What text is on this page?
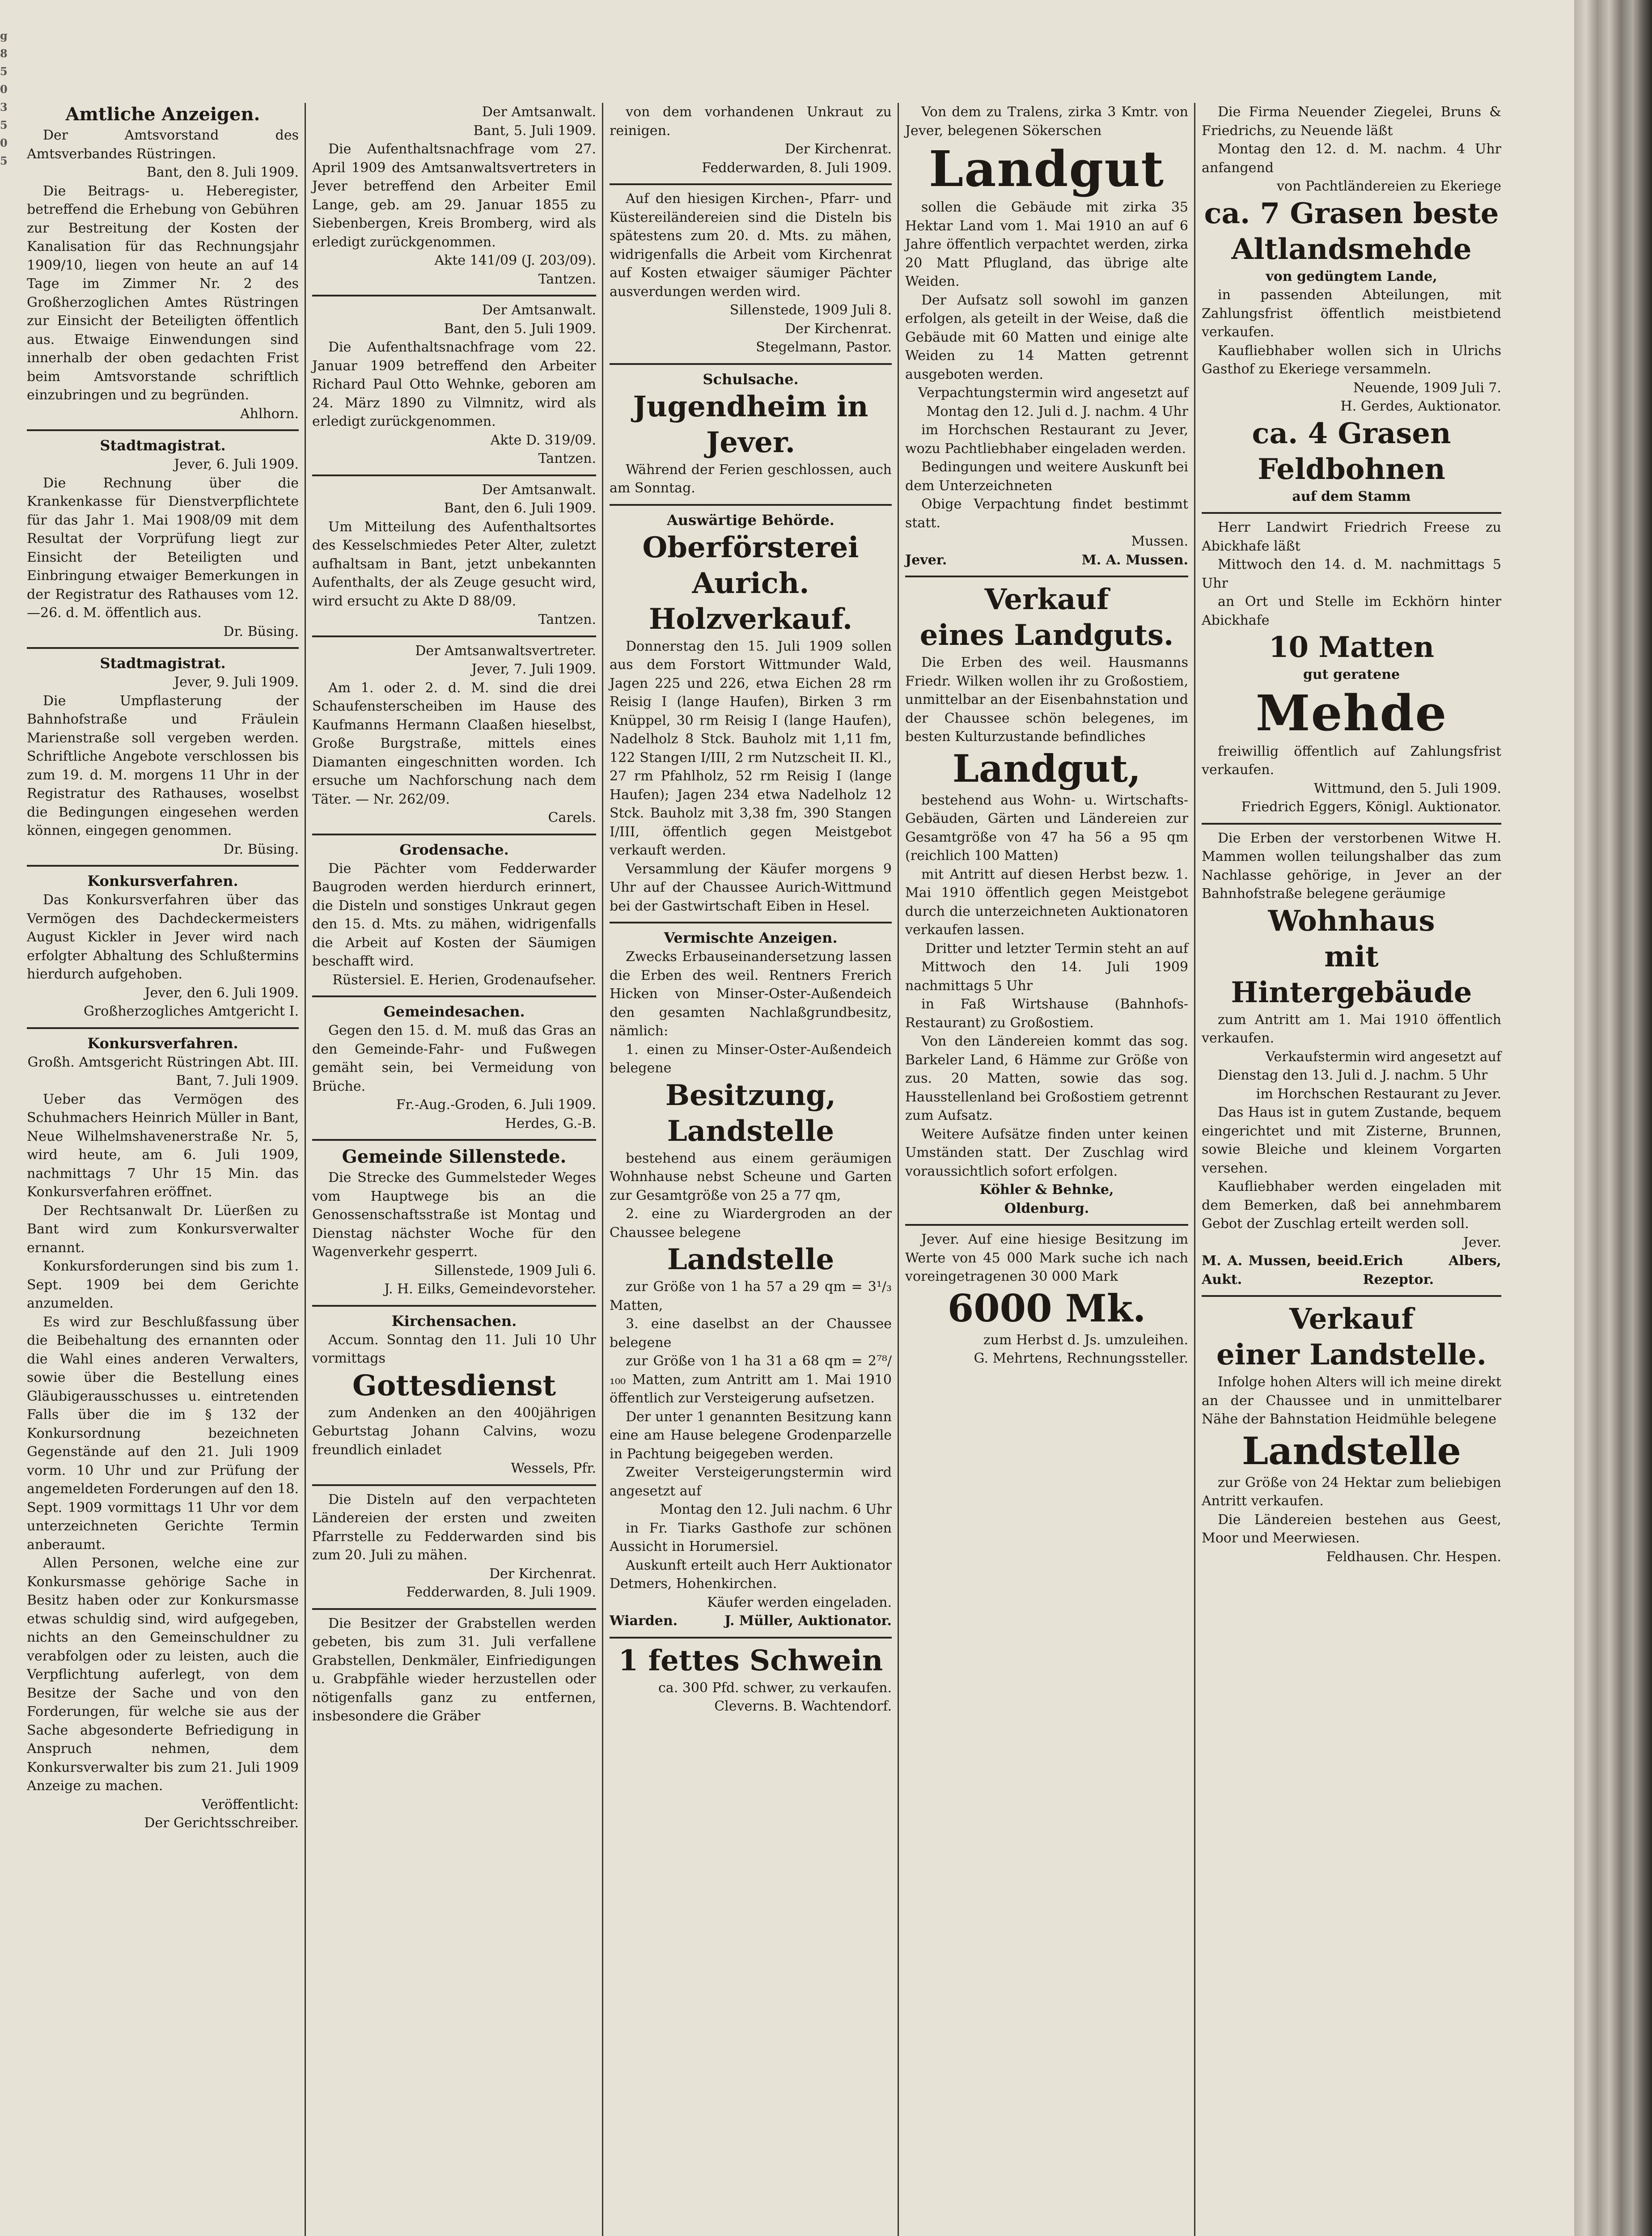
g
8
5
0
3
5
0
5
Amtliche Anzeigen.

Der Amtsvorstand des Amtsverbandes Rüstringen.

Bant, den 8. Juli 1909.

Die Beitrags- u. Heberegister, betreffend die Erhebung von Gebühren zur Bestreitung der Kosten der Kanalisation für das Rechnungsjahr 1909/10, liegen von heute an auf 14 Tage im Zimmer Nr. 2 des Großherzoglichen Amtes Rüstringen zur Einsicht der Beteiligten öffentlich aus. Etwaige Einwendungen sind innerhalb der oben gedachten Frist beim Amtsvorstande schriftlich einzubringen und zu begründen.

Ahlhorn.

Stadtmagistrat.

Jever, 6. Juli 1909.

Die Rechnung über die Krankenkasse für Dienstverpflichtete für das Jahr 1. Mai 1908/09 mit dem Resultat der Vorprüfung liegt zur Einsicht der Beteiligten und Einbringung etwaiger Bemerkungen in der Registratur des Rathauses vom 12.—26. d. M. öffentlich aus.

Dr. Büsing.

Stadtmagistrat.

Jever, 9. Juli 1909.

Die Umpflasterung der Bahnhofstraße und Fräulein Marienstraße soll vergeben werden. Schriftliche Angebote verschlossen bis zum 19. d. M. morgens 11 Uhr in der Registratur des Rathauses, woselbst die Bedingungen eingesehen werden können, eingegen genommen.

Dr. Büsing.

Konkursverfahren.

Das Konkursverfahren über das Vermögen des Dachdeckermeisters August Kickler in Jever wird nach erfolgter Abhaltung des Schlußtermins hierdurch aufgehoben.

Jever, den 6. Juli 1909.

Großherzogliches Amtgericht I.

Konkursverfahren.

Großh. Amtsgericht Rüstringen Abt. III.

Bant, 7. Juli 1909.

Ueber das Vermögen des Schuhmachers Heinrich Müller in Bant, Neue Wilhelmshavenerstraße Nr. 5, wird heute, am 6. Juli 1909, nachmittags 7 Uhr 15 Min. das Konkursverfahren eröffnet.

Der Rechtsanwalt Dr. Lüerßen zu Bant wird zum Konkursverwalter ernannt.

Konkursforderungen sind bis zum 1. Sept. 1909 bei dem Gerichte anzumelden.

Es wird zur Beschlußfassung über die Beibehaltung des ernannten oder die Wahl eines anderen Verwalters, sowie über die Bestellung eines Gläubigerausschusses u. eintretenden Falls über die im § 132 der Konkursordnung bezeichneten Gegenstände auf den 21. Juli 1909 vorm. 10 Uhr und zur Prüfung der angemeldeten Forderungen auf den 18. Sept. 1909 vormittags 11 Uhr vor dem unterzeichneten Gerichte Termin anberaumt.

Allen Personen, welche eine zur Konkursmasse gehörige Sache in Besitz haben oder zur Konkursmasse etwas schuldig sind, wird aufgegeben, nichts an den Gemeinschuldner zu verabfolgen oder zu leisten, auch die Verpflichtung auferlegt, von dem Besitze der Sache und von den Forderungen, für welche sie aus der Sache abgesonderte Befriedigung in Anspruch nehmen, dem Konkursverwalter bis zum 21. Juli 1909 Anzeige zu machen.

Veröffentlicht:

Der Gerichtsschreiber.

Der Amtsanwalt.

Bant, 5. Juli 1909.

Die Aufenthaltsnachfrage vom 27. April 1909 des Amtsanwaltsvertreters in Jever betreffend den Arbeiter Emil Lange, geb. am 29. Januar 1855 zu Siebenbergen, Kreis Bromberg, wird als erledigt zurückgenommen.

Akte 141/09 (J. 203/09).

Tantzen.

Der Amtsanwalt.

Bant, den 5. Juli 1909.

Die Aufenthaltsnachfrage vom 22. Januar 1909 betreffend den Arbeiter Richard Paul Otto Wehnke, geboren am 24. März 1890 zu Vilmnitz, wird als erledigt zurückgenommen.

Akte D. 319/09.

Tantzen.

Der Amtsanwalt.

Bant, den 6. Juli 1909.

Um Mitteilung des Aufenthaltsortes des Kesselschmiedes Peter Alter, zuletzt aufhaltsam in Bant, jetzt unbekannten Aufenthalts, der als Zeuge gesucht wird, wird ersucht zu Akte D 88/09.

Tantzen.

Der Amtsanwaltsvertreter.

Jever, 7. Juli 1909.

Am 1. oder 2. d. M. sind die drei Schaufensterscheiben im Hause des Kaufmanns Hermann Claaßen hieselbst, Große Burgstraße, mittels eines Diamanten eingeschnitten worden. Ich ersuche um Nachforschung nach dem Täter. — Nr. 262/09.

Carels.

Grodensache.

Die Pächter vom Fedderwarder Baugroden werden hierdurch erinnert, die Disteln und sonstiges Unkraut gegen den 15. d. Mts. zu mähen, widrigenfalls die Arbeit auf Kosten der Säumigen beschafft wird.

Rüstersiel. E. Herien, Grodenaufseher.

Gemeindesachen.

Gegen den 15. d. M. muß das Gras an den Gemeinde-Fahr- und Fußwegen gemäht sein, bei Vermeidung von Brüche.

Fr.-Aug.-Groden, 6. Juli 1909.

Herdes, G.-B.

Gemeinde Sillenstede.

Die Strecke des Gummelsteder Weges vom Hauptwege bis an die Genossenschaftsstraße ist Montag und Dienstag nächster Woche für den Wagenverkehr gesperrt.

Sillenstede, 1909 Juli 6.

J. H. Eilks, Gemeindevorsteher.

Kirchensachen.

Accum. Sonntag den 11. Juli 10 Uhr vormittags

Gottesdienst

zum Andenken an den 400jährigen Geburtstag Johann Calvins, wozu freundlich einladet

Wessels, Pfr.

Die Disteln auf den verpachteten Ländereien der ersten und zweiten Pfarrstelle zu Fedderwarden sind bis zum 20. Juli zu mähen.

Der Kirchenrat.

Fedderwarden, 8. Juli 1909.

Die Besitzer der Grabstellen werden gebeten, bis zum 31. Juli verfallene Grabstellen, Denkmäler, Einfriedigungen u. Grabpfähle wieder herzustellen oder nötigenfalls ganz zu entfernen, insbesondere die Gräber

von dem vorhandenen Unkraut zu reinigen.

Der Kirchenrat.

Fedderwarden, 8. Juli 1909.

Auf den hiesigen Kirchen-, Pfarr- und Küstereiländereien sind die Disteln bis spätestens zum 20. d. Mts. zu mähen, widrigenfalls die Arbeit vom Kirchenrat auf Kosten etwaiger säumiger Pächter ausverdungen werden wird.

Sillenstede, 1909 Juli 8.

Der Kirchenrat.

Stegelmann, Pastor.

Schulsache.
Jugendheim in Jever.

Während der Ferien geschlossen, auch am Sonntag.

Auswärtige Behörde.
Oberförsterei Aurich.
Holzverkauf.

Donnerstag den 15. Juli 1909 sollen aus dem Forstort Wittmunder Wald, Jagen 225 und 226, etwa Eichen 28 rm Reisig I (lange Haufen), Birken 3 rm Knüppel, 30 rm Reisig I (lange Haufen), Nadelholz 8 Stck. Bauholz mit 1,11 fm, 122 Stangen I/III, 2 rm Nutzscheit II. Kl., 27 rm Pfahlholz, 52 rm Reisig I (lange Haufen); Jagen 234 etwa Nadelholz 12 Stck. Bauholz mit 3,38 fm, 390 Stangen I/III, öffentlich gegen Meistgebot verkauft werden.

Versammlung der Käufer morgens 9 Uhr auf der Chaussee Aurich-Wittmund bei der Gastwirtschaft Eiben in Hesel.

Vermischte Anzeigen.

Zwecks Erbauseinandersetzung lassen die Erben des weil. Rentners Frerich Hicken von Minser-Oster-Außendeich den gesamten Nachlaßgrundbesitz, nämlich:

1. einen zu Minser-Oster-Außendeich belegene

Besitzung,
Landstelle

bestehend aus einem geräumigen Wohnhause nebst Scheune und Garten zur Gesamtgröße von 25 a 77 qm,

2. eine zu Wiardergroden an der Chaussee belegene

Landstelle

zur Größe von 1 ha 57 a 29 qm = 3¹/₃ Matten,

3. eine daselbst an der Chaussee belegene

zur Größe von 1 ha 31 a 68 qm = 2⁷⁸/₁₀₀ Matten, zum Antritt am 1. Mai 1910 öffentlich zur Versteigerung aufsetzen.

Der unter 1 genannten Besitzung kann eine am Hause belegene Grodenparzelle in Pachtung beigegeben werden.

Zweiter Versteigerungstermin wird angesetzt auf

Montag den 12. Juli nachm. 6 Uhr

in Fr. Tiarks Gasthofe zur schönen Aussicht in Horumersiel.

Auskunft erteilt auch Herr Auktionator Detmers, Hohenkirchen.

Käufer werden eingeladen.

Wiarden.	J. Müller, Auktionator.
1 fettes Schwein

ca. 300 Pfd. schwer, zu verkaufen.

Cleverns. B. Wachtendorf.

Von dem zu Tralens, zirka 3 Kmtr. von Jever, belegenen Sökerschen

Landgut

sollen die Gebäude mit zirka 35 Hektar Land vom 1. Mai 1910 an auf 6 Jahre öffentlich verpachtet werden, zirka 20 Matt Pflugland, das übrige alte Weiden.

Der Aufsatz soll sowohl im ganzen erfolgen, als geteilt in der Weise, daß die Gebäude mit 60 Matten und einige alte Weiden zu 14 Matten getrennt ausgeboten werden.

Verpachtungstermin wird angesetzt auf

Montag den 12. Juli d. J. nachm. 4 Uhr

im Horchschen Restaurant zu Jever, wozu Pachtliebhaber eingeladen werden.

Bedingungen und weitere Auskunft bei dem Unterzeichneten

Obige Verpachtung findet bestimmt statt.

Mussen.

Jever.	M. A. Mussen.
Verkauf
eines Landguts.

Die Erben des weil. Hausmanns Friedr. Wilken wollen ihr zu Großostiem, unmittelbar an der Eisenbahnstation und der Chaussee schön belegenes, im besten Kulturzustande befindliches

Landgut,

bestehend aus Wohn- u. Wirtschafts-Gebäuden, Gärten und Ländereien zur Gesamtgröße von 47 ha 56 a 95 qm (reichlich 100 Matten)

mit Antritt auf diesen Herbst bezw. 1. Mai 1910 öffentlich gegen Meistgebot durch die unterzeichneten Auktionatoren verkaufen lassen.

Dritter und letzter Termin steht an auf

Mittwoch den 14. Juli 1909 nachmittags 5 Uhr

in Faß Wirtshause (Bahnhofs-Restaurant) zu Großostiem.

Von den Ländereien kommt das sog. Barkeler Land, 6 Hämme zur Größe von zus. 20 Matten, sowie das sog. Hausstellenland bei Großostiem getrennt zum Aufsatz.

Weitere Aufsätze finden unter keinen Umständen statt. Der Zuschlag wird voraussichtlich sofort erfolgen.

Köhler & Behnke,
Oldenburg.

Jever. Auf eine hiesige Besitzung im Werte von 45 000 Mark suche ich nach voreingetragenen 30 000 Mark

6000 Mk.

zum Herbst d. Js. umzuleihen.

G. Mehrtens, Rechnungssteller.

Die Firma Neuender Ziegelei, Bruns & Friedrichs, zu Neuende läßt

Montag den 12. d. M. nachm. 4 Uhr anfangend

von Pachtländereien zu Ekeriege

ca. 7 Grasen beste
Altlandsmehde
von gedüngtem Lande,

in passenden Abteilungen, mit Zahlungsfrist öffentlich meistbietend verkaufen.

Kaufliebhaber wollen sich in Ulrichs Gasthof zu Ekeriege versammeln.

Neuende, 1909 Juli 7.

H. Gerdes, Auktionator.

ca. 4 Grasen Feldbohnen
auf dem Stamm

Herr Landwirt Friedrich Freese zu Abickhafe läßt

Mittwoch den 14. d. M. nachmittags 5 Uhr

an Ort und Stelle im Eckhörn hinter Abickhafe

10 Matten
gut geratene
Mehde

freiwillig öffentlich auf Zahlungsfrist verkaufen.

Wittmund, den 5. Juli 1909.

Friedrich Eggers, Königl. Auktionator.

Die Erben der verstorbenen Witwe H. Mammen wollen teilungshalber das zum Nachlasse gehörige, in Jever an der Bahnhofstraße belegene geräumige

Wohnhaus
mit Hintergebäude

zum Antritt am 1. Mai 1910 öffentlich verkaufen.

Verkaufstermin wird angesetzt auf

Dienstag den 13. Juli d. J. nachm. 5 Uhr

im Horchschen Restaurant zu Jever.

Das Haus ist in gutem Zustande, bequem eingerichtet und mit Zisterne, Brunnen, sowie Bleiche und kleinem Vorgarten versehen.

Kaufliebhaber werden eingeladen mit dem Bemerken, daß bei annehmbarem Gebot der Zuschlag erteilt werden soll.

Jever.

M. A. Mussen, beeid. Aukt.
Erich Albers, Rezeptor.
Verkauf
einer Landstelle.

Infolge hohen Alters will ich meine direkt an der Chaussee und in unmittelbarer Nähe der Bahnstation Heidmühle belegene

Landstelle

zur Größe von 24 Hektar zum beliebigen Antritt verkaufen.

Die Ländereien bestehen aus Geest, Moor und Meerwiesen.

Feldhausen. Chr. Hespen.
